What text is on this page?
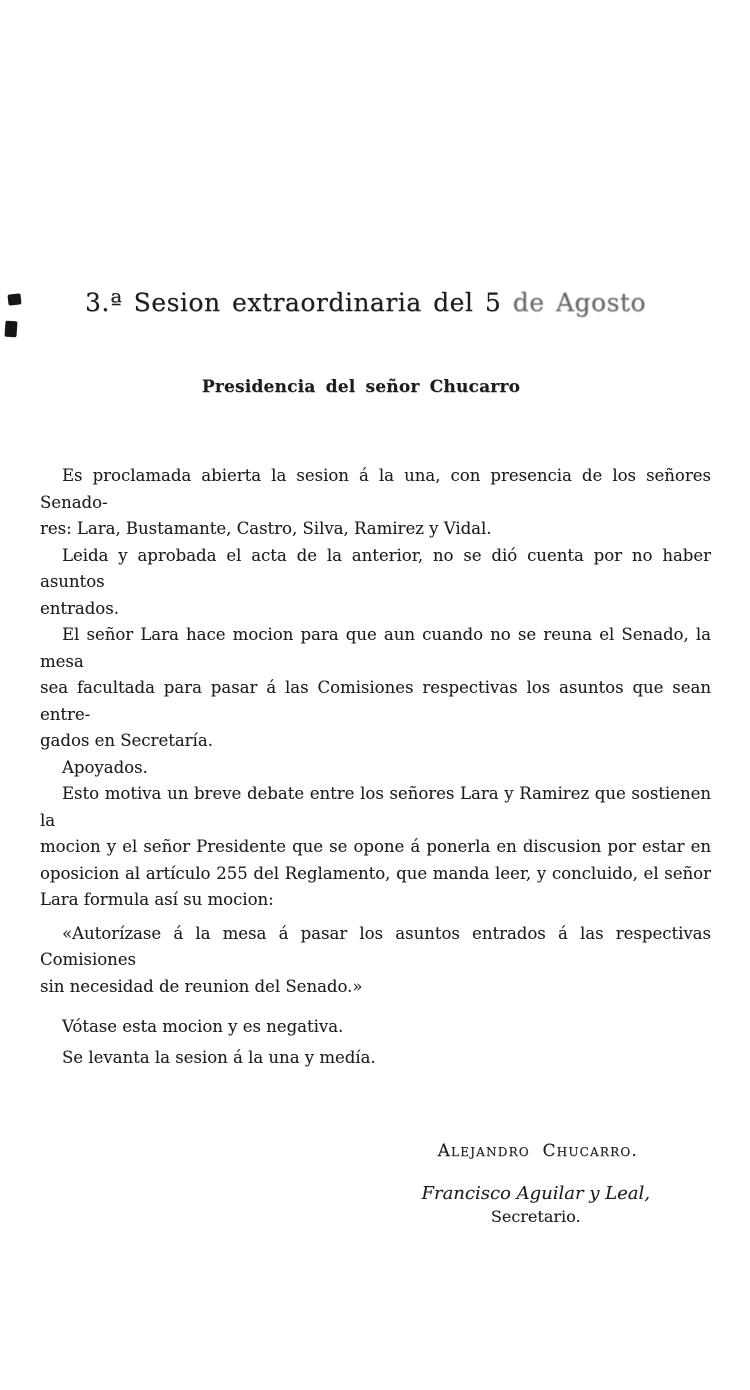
3.ª Sesion extraordinaria del 5 de Agosto
Presidencia del señor Chucarro

Es proclamada abierta la sesion á la una, con presencia de los señores Senado-
res: Lara, Bustamante, Castro, Silva, Ramirez y Vidal.

Leida y aprobada el acta de la anterior, no se dió cuenta por no haber asuntos
entrados.

El señor Lara hace mocion para que aun cuando no se reuna el Senado, la mesa
sea facultada para pasar á las Comisiones respectivas los asuntos que sean entre-
gados en Secretaría.

Apoyados.

Esto motiva un breve debate entre los señores Lara y Ramirez que sostienen la
mocion y el señor Presidente que se opone á ponerla en discusion por estar en
oposicion al artículo 255 del Reglamento, que manda leer, y concluido, el señor
Lara formula así su mocion:

«Autorízase á la mesa á pasar los asuntos entrados á las respectivas Comisiones
sin necesidad de reunion del Senado.»

Vótase esta mocion y es negativa.

Se levanta la sesion á la una y medía.

Alejandro Chucarro.
Francisco Aguilar y Leal,
Secretario.
